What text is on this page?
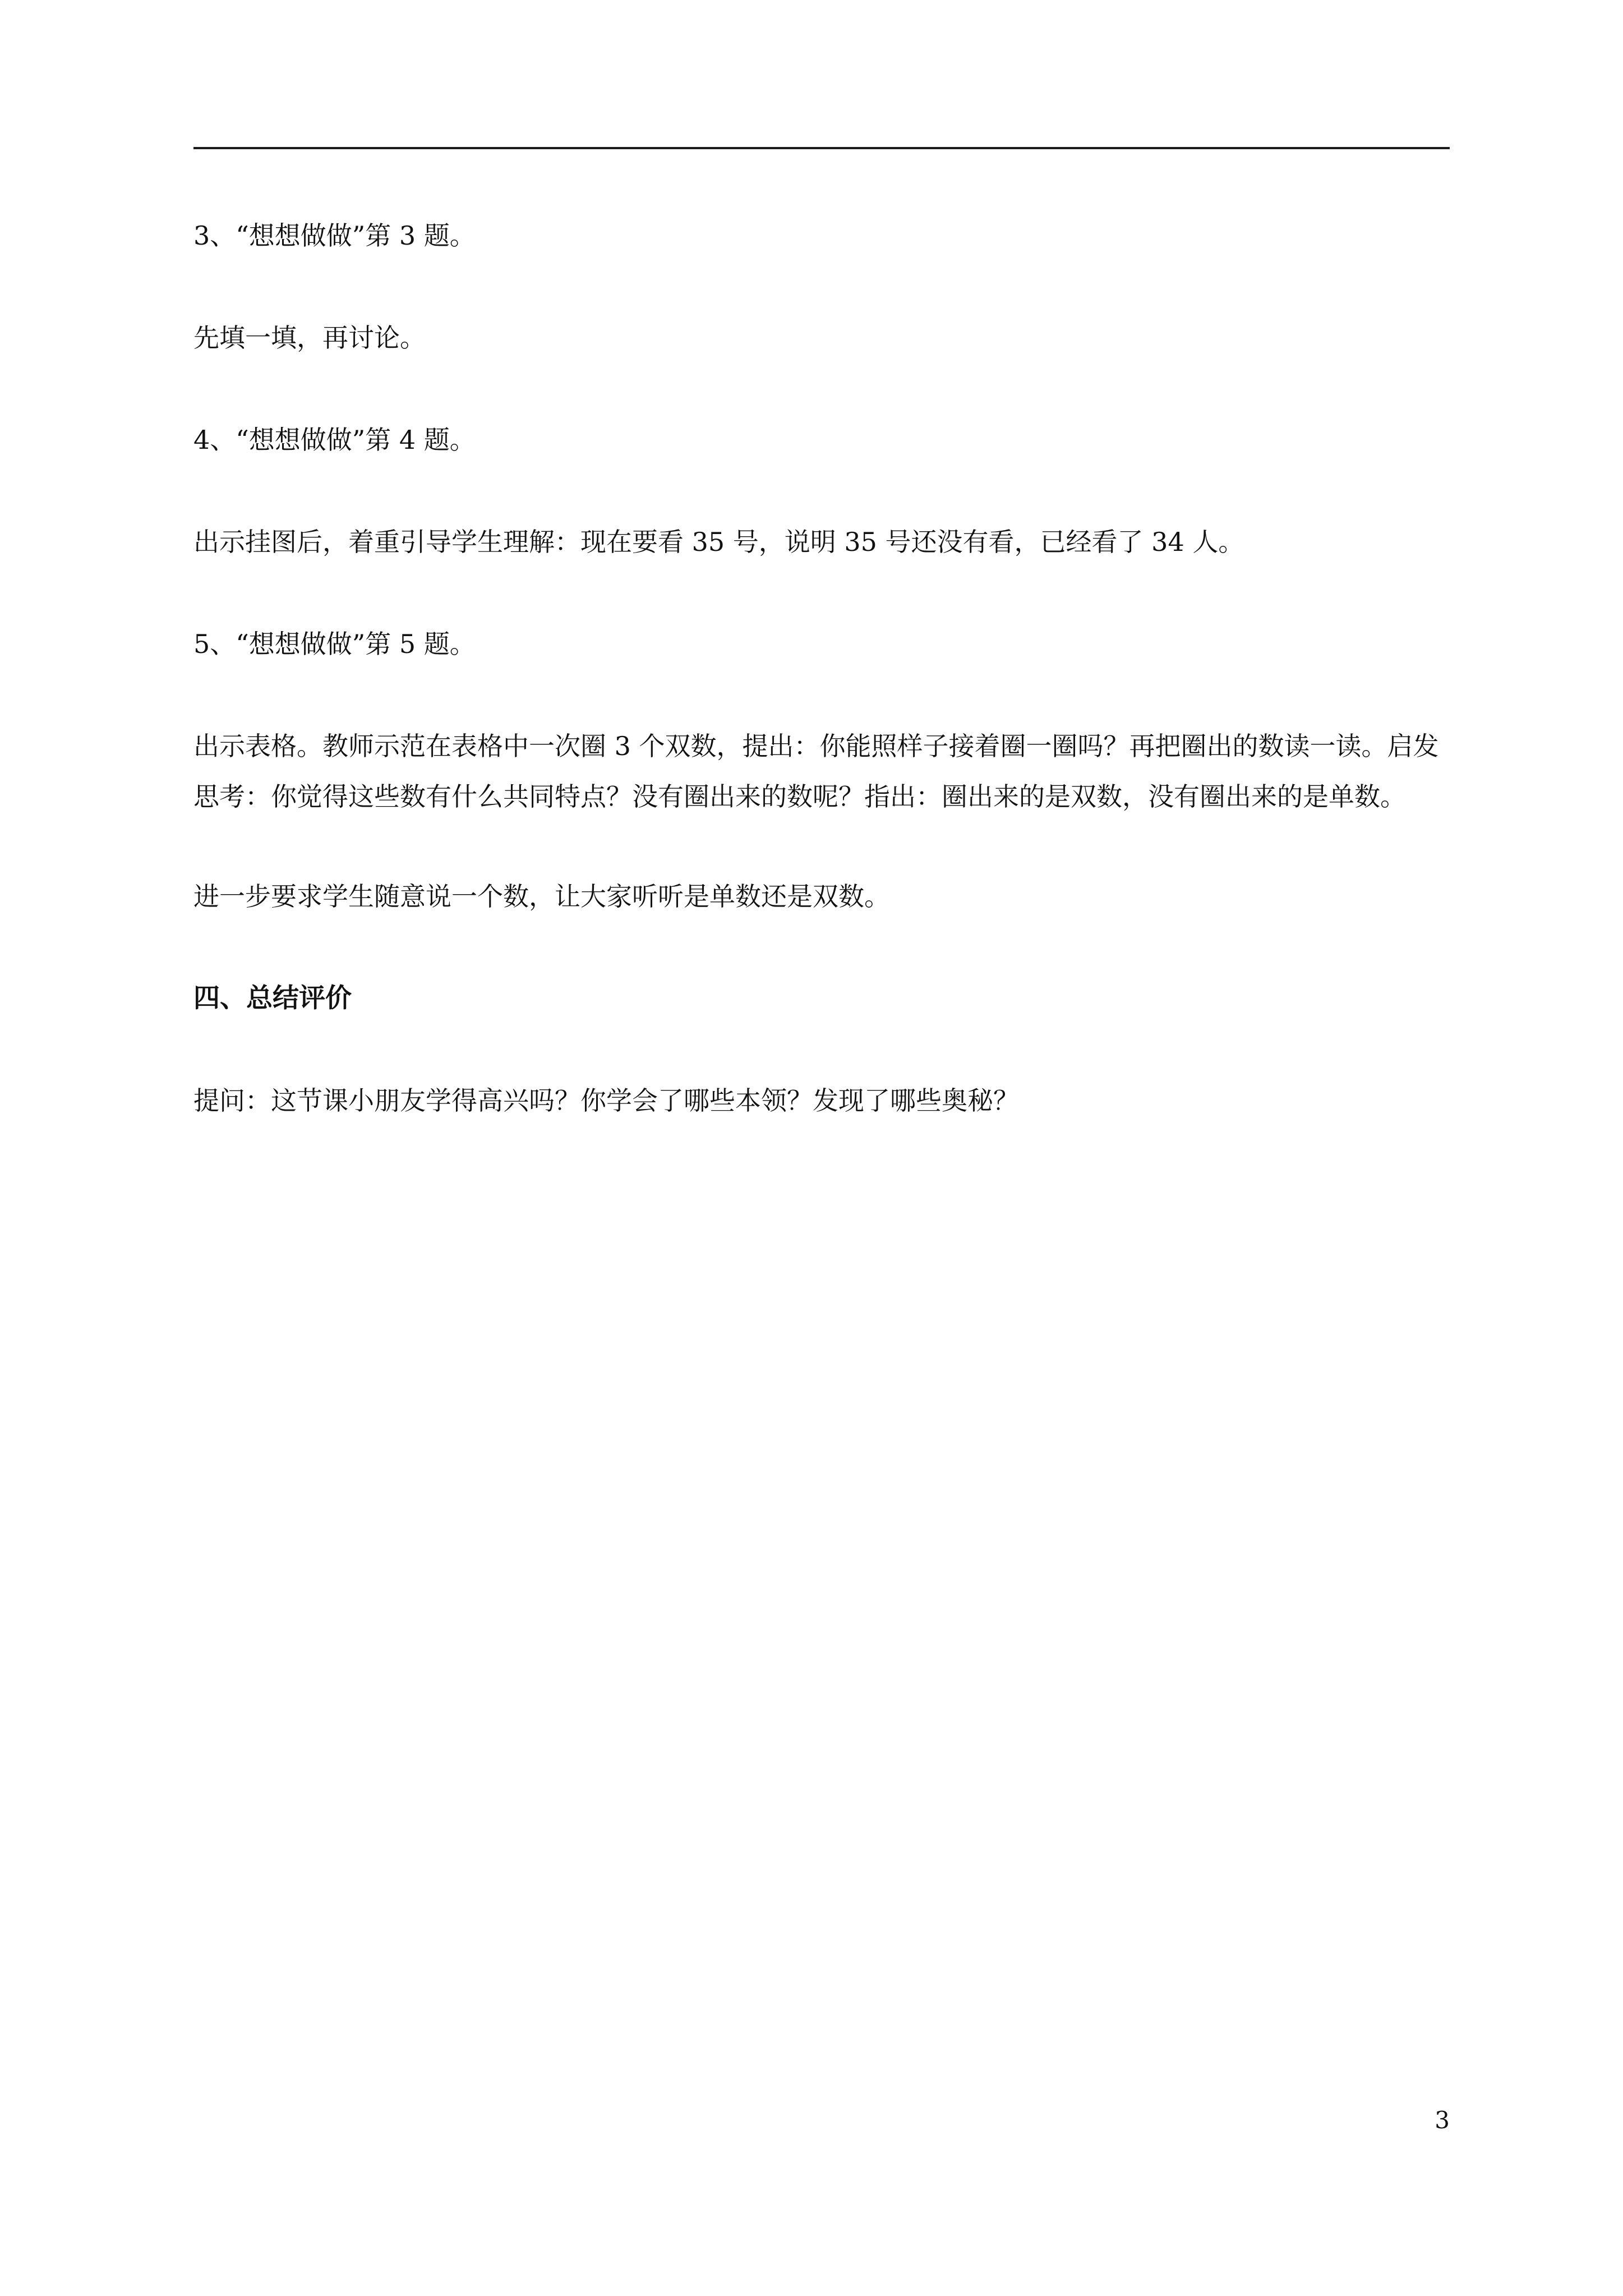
3、“想想做做”第 3 题。

先填一填，再讨论。

4、“想想做做”第 4 题。

出示挂图后，着重引导学生理解：现在要看 35 号，说明 35 号还没有看，已经看了 34 人。

5、“想想做做”第 5 题。

出示表格。教师示范在表格中一次圈 3 个双数，提出：你能照样子接着圈一圈吗？再把圈出的数读一读。启发思考：你觉得这些数有什么共同特点？没有圈出来的数呢？指出：圈出来的是双数，没有圈出来的是单数。

进一步要求学生随意说一个数，让大家听听是单数还是双数。

四、总结评价

提问：这节课小朋友学得高兴吗？你学会了哪些本领？发现了哪些奥秘？

3
